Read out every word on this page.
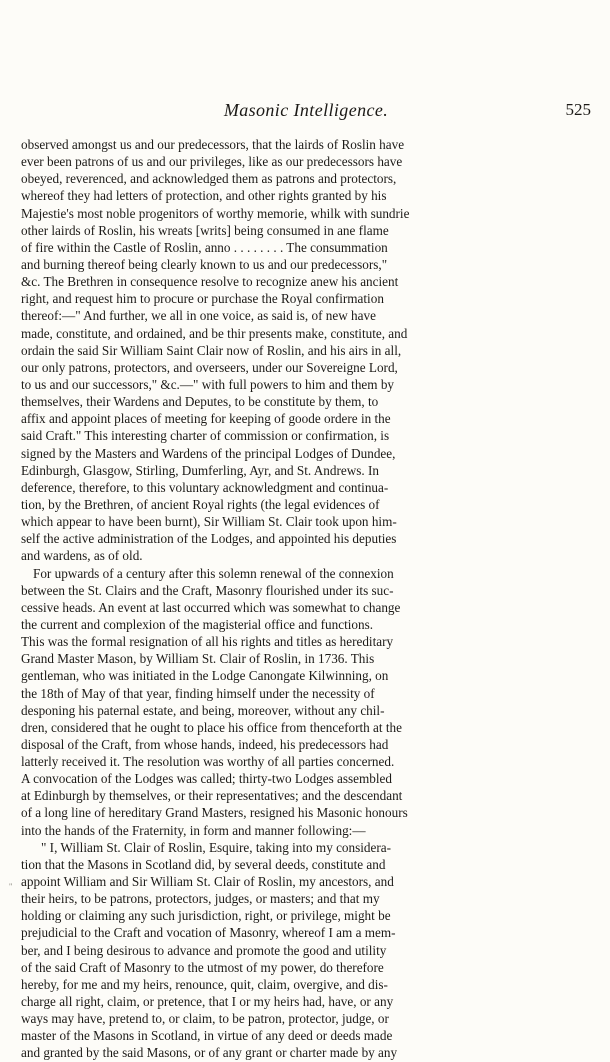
Masonic Intelligence.	525
"
observed amongst us and our predecessors, that the lairds of Roslin have
ever been patrons of us and our privileges, like as our predecessors have
obeyed, reverenced, and acknowledged them as patrons and protectors,
whereof they had letters of protection, and other rights granted by his
Majestie's most noble progenitors of worthy memorie, whilk with sundrie
other lairds of Roslin, his wreats [writs] being consumed in ane flame
of fire within the Castle of Roslin, anno . . . . . . . . The consummation
and burning thereof being clearly known to us and our predecessors,"
&c. The Brethren in consequence resolve to recognize anew his ancient
right, and request him to procure or purchase the Royal confirmation
thereof:—" And further, we all in one voice, as said is, of new have
made, constitute, and ordained, and be thir presents make, constitute, and
ordain the said Sir William Saint Clair now of Roslin, and his airs in all,
our only patrons, protectors, and overseers, under our Sovereigne Lord,
to us and our successors," &c.—" with full powers to him and them by
themselves, their Wardens and Deputes, to be constitute by them, to
affix and appoint places of meeting for keeping of goode ordere in the
said Craft." This interesting charter of commission or confirmation, is
signed by the Masters and Wardens of the principal Lodges of Dundee,
Edinburgh, Glasgow, Stirling, Dumferling, Ayr, and St. Andrews. In
deference, therefore, to this voluntary acknowledgment and continua-
tion, by the Brethren, of ancient Royal rights (the legal evidences of
which appear to have been burnt), Sir William St. Clair took upon him-
self the active administration of the Lodges, and appointed his deputies
and wardens, as of old.
For upwards of a century after this solemn renewal of the connexion
between the St. Clairs and the Craft, Masonry flourished under its suc-
cessive heads. An event at last occurred which was somewhat to change
the current and complexion of the magisterial office and functions.
This was the formal resignation of all his rights and titles as hereditary
Grand Master Mason, by William St. Clair of Roslin, in 1736. This
gentleman, who was initiated in the Lodge Canongate Kilwinning, on
the 18th of May of that year, finding himself under the necessity of
desponing his paternal estate, and being, moreover, without any chil-
dren, considered that he ought to place his office from thenceforth at the
disposal of the Craft, from whose hands, indeed, his predecessors had
latterly received it. The resolution was worthy of all parties concerned.
A convocation of the Lodges was called; thirty-two Lodges assembled
at Edinburgh by themselves, or their representatives; and the descendant
of a long line of hereditary Grand Masters, resigned his Masonic honours
into the hands of the Fraternity, in form and manner following:—
" I, William St. Clair of Roslin, Esquire, taking into my considera-
tion that the Masons in Scotland did, by several deeds, constitute and
appoint William and Sir William St. Clair of Roslin, my ancestors, and
their heirs, to be patrons, protectors, judges, or masters; and that my
holding or claiming any such jurisdiction, right, or privilege, might be
prejudicial to the Craft and vocation of Masonry, whereof I am a mem-
ber, and I being desirous to advance and promote the good and utility
of the said Craft of Masonry to the utmost of my power, do therefore
hereby, for me and my heirs, renounce, quit, claim, overgive, and dis-
charge all right, claim, or pretence, that I or my heirs had, have, or any
ways may have, pretend to, or claim, to be patron, protector, judge, or
master of the Masons in Scotland, in virtue of any deed or deeds made
and granted by the said Masons, or of any grant or charter made by any
